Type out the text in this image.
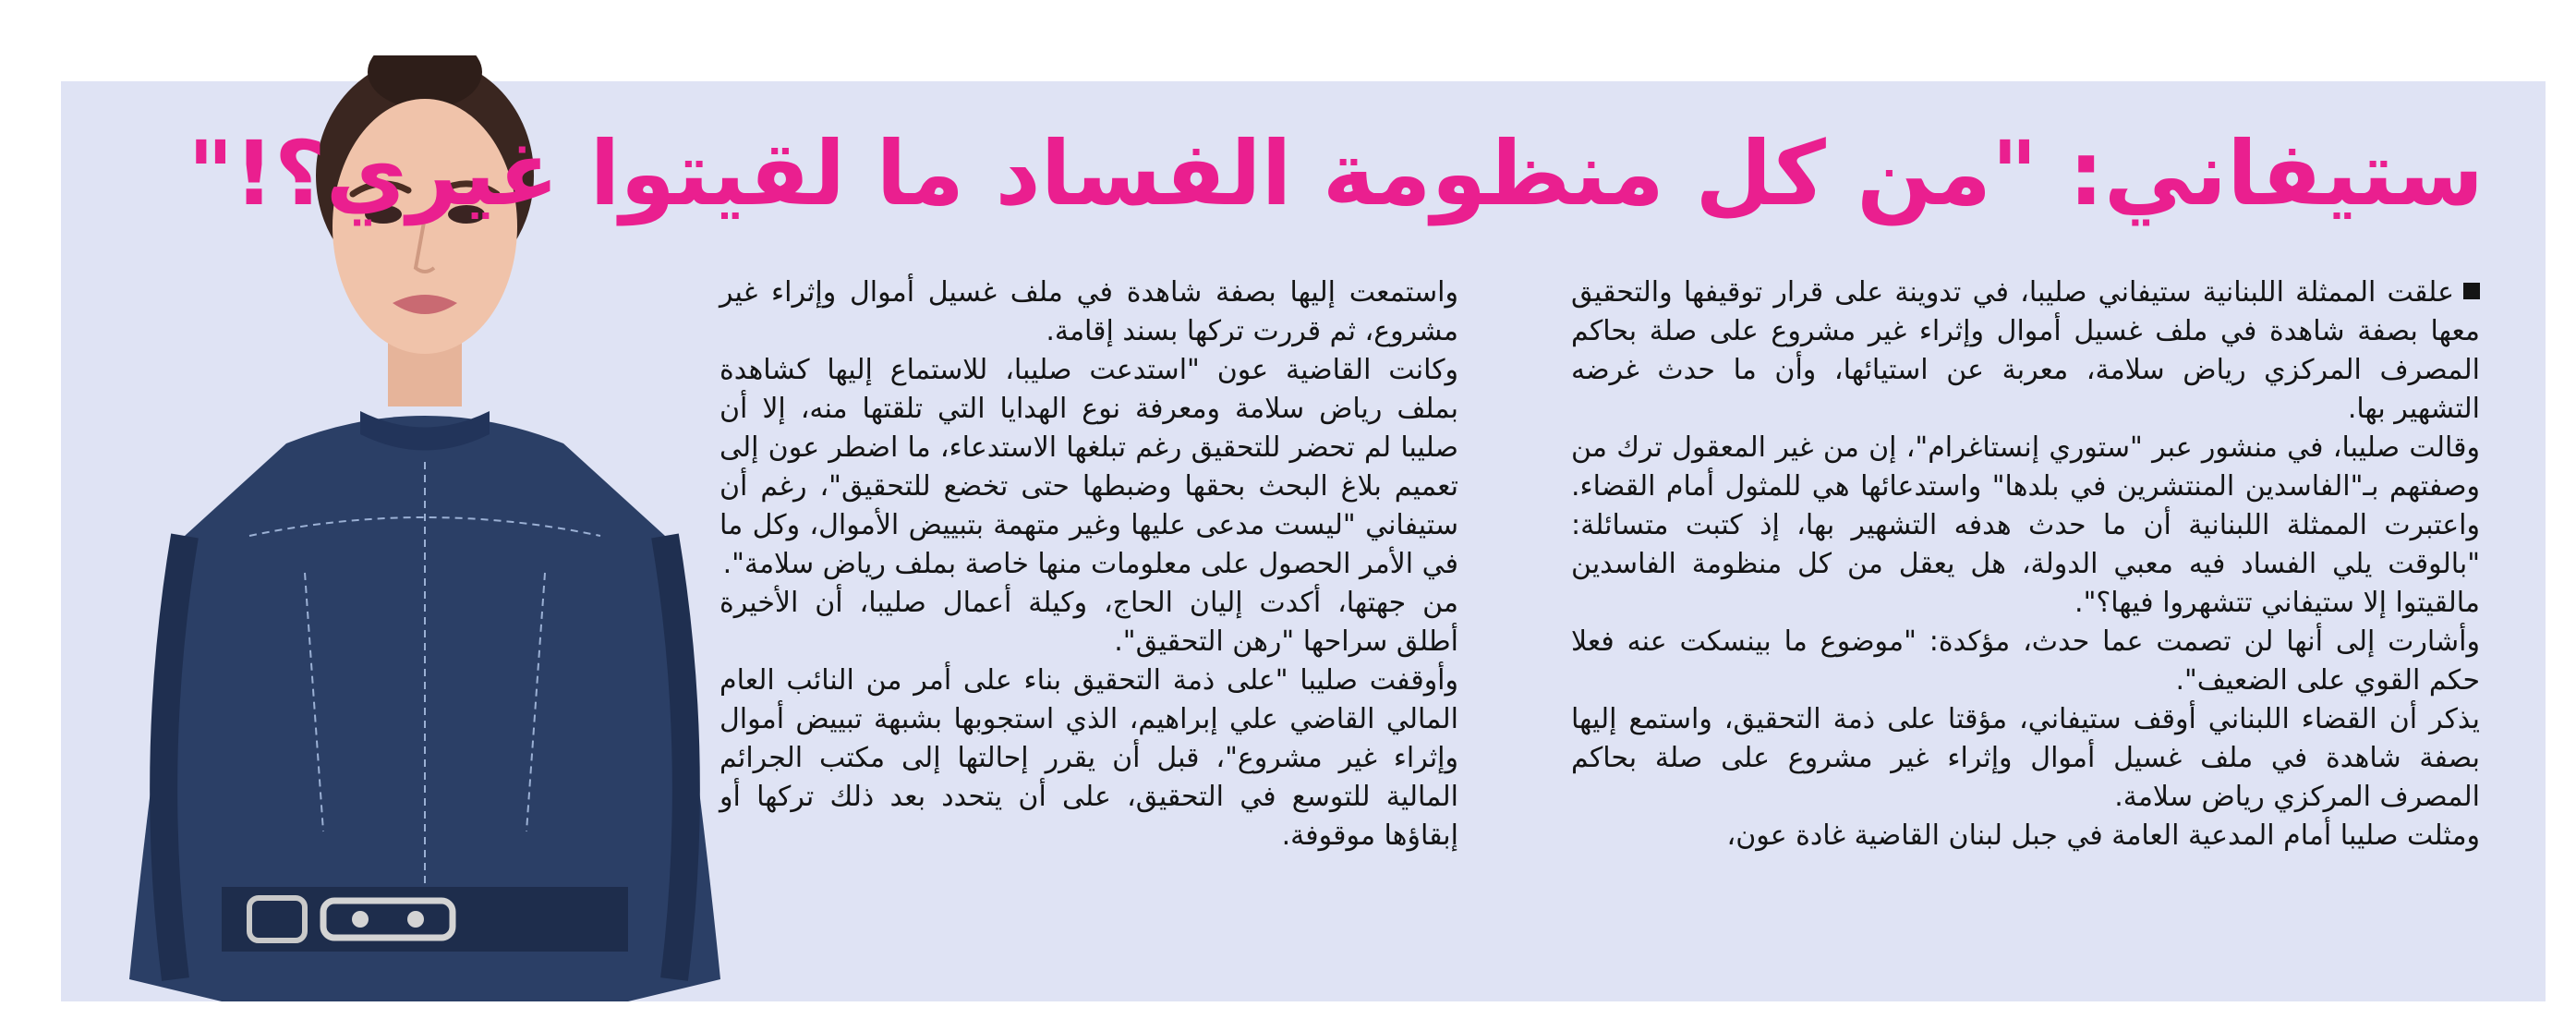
ستيفاني: "من كل منظومة الفساد ما لقيتوا غيري؟!"

علقت الممثلة اللبنانية ستيفاني صليبا، في تدوينة على قرار توقيفها والتحقيق معها بصفة شاهدة في ملف غسيل أموال وإثراء غير مشروع على صلة بحاكم المصرف المركزي رياض سلامة، معربة عن استيائها، وأن ما حدث غرضه التشهير بها.

وقالت صليبا، في منشور عبر "ستوري إنستاغرام"، إن من غير المعقول ترك من وصفتهم بـ"الفاسدين المنتشرين في بلدها" واستدعائها هي للمثول أمام القضاء. واعتبرت الممثلة اللبنانية أن ما حدث هدفه التشهير بها، إذ كتبت متسائلة: "بالوقت يلي الفساد فيه معبي الدولة، هل يعقل من كل منظومة الفاسدين مالقيتوا إلا ستيفاني تتشهروا فيها؟".

وأشارت إلى أنها لن تصمت عما حدث، مؤكدة: "موضوع ما بينسكت عنه فعلا حكم القوي على الضعيف".

يذكر أن القضاء اللبناني أوقف ستيفاني، مؤقتا على ذمة التحقيق، واستمع إليها بصفة شاهدة في ملف غسيل أموال وإثراء غير مشروع على صلة بحاكم المصرف المركزي رياض سلامة.

ومثلت صليبا أمام المدعية العامة في جبل لبنان القاضية غادة عون،

واستمعت إليها بصفة شاهدة في ملف غسيل أموال وإثراء غير مشروع، ثم قررت تركها بسند إقامة.

وكانت القاضية عون "استدعت صليبا، للاستماع إليها كشاهدة بملف رياض سلامة ومعرفة نوع الهدايا التي تلقتها منه، إلا أن صليبا لم تحضر للتحقيق رغم تبلغها الاستدعاء، ما اضطر عون إلى تعميم بلاغ البحث بحقها وضبطها حتى تخضع للتحقيق"، رغم أن ستيفاني "ليست مدعى عليها وغير متهمة بتبييض الأموال، وكل ما في الأمر الحصول على معلومات منها خاصة بملف رياض سلامة".

من جهتها، أكدت إليان الحاج، وكيلة أعمال صليبا، أن الأخيرة أطلق سراحها "رهن التحقيق".

وأوقفت صليبا "على ذمة التحقيق بناء على أمر من النائب العام المالي القاضي علي إبراهيم، الذي استجوبها بشبهة تبييض أموال وإثراء غير مشروع"، قبل أن يقرر إحالتها إلى مكتب الجرائم المالية للتوسع في التحقيق، على أن يتحدد بعد ذلك تركها أو إبقاؤها موقوفة.
